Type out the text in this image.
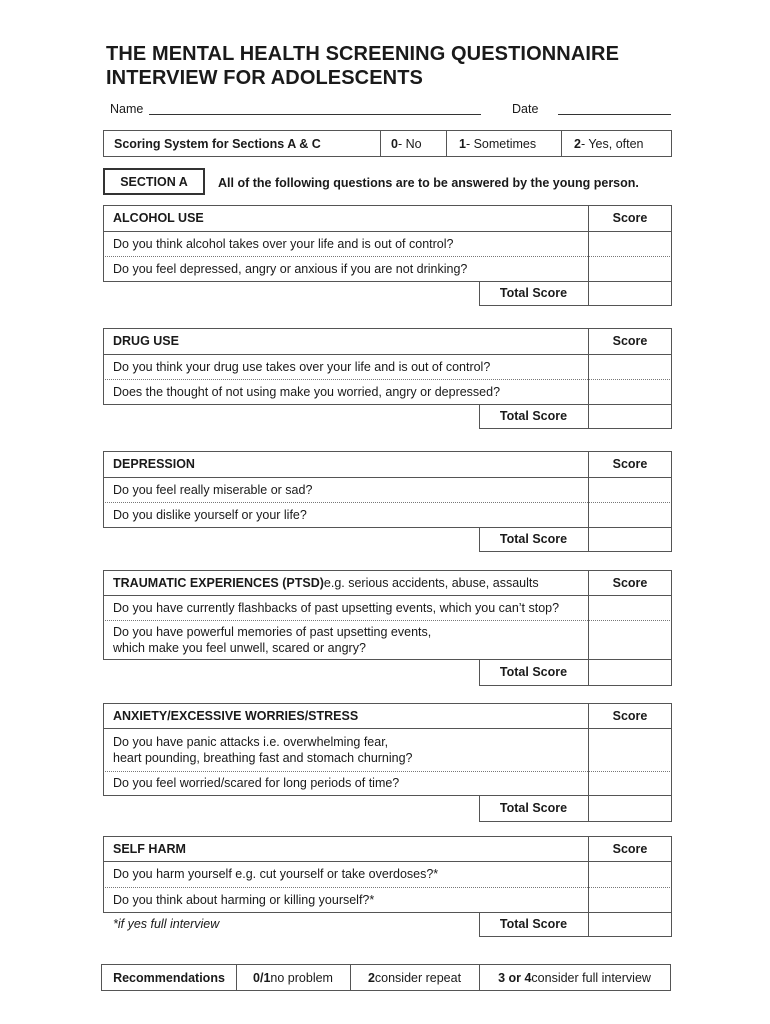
THE MENTAL HEALTH SCREENING QUESTIONNAIRE
INTERVIEW FOR ADOLESCENTS
Name	Date
Scoring System for Sections A & C	0 - No	1 - Sometimes	2 - Yes, often
SECTION A	All of the following questions are to be answered by the young person.
ALCOHOL USE	Score
Do you think alcohol takes over your life and is out of control?
Do you feel depressed, angry or anxious if you are not drinking?
Total Score
DRUG USE	Score
Do you think your drug use takes over your life and is out of control?
Does the thought of not using make you worried, angry or depressed?
Total Score
DEPRESSION	Score
Do you feel really miserable or sad?
Do you dislike yourself or your life?
Total Score
TRAUMATIC EXPERIENCES (PTSD) e.g. serious accidents, abuse, assaults	Score
Do you have currently flashbacks of past upsetting events, which you can’t stop?
Do you have powerful memories of past upsetting events,
which make you feel unwell, scared or angry?
Total Score
ANXIETY/EXCESSIVE WORRIES/STRESS	Score
Do you have panic attacks i.e. overwhelming fear,
heart pounding, breathing fast and stomach churning?
Do you feel worried/scared for long periods of time?
Total Score
SELF HARM	Score
Do you harm yourself e.g. cut yourself or take overdoses?*
Do you think about harming or killing yourself?*
Total Score
*if yes full interview
Recommendations	0/1 no problem	2 consider repeat	3 or 4 consider full interview
